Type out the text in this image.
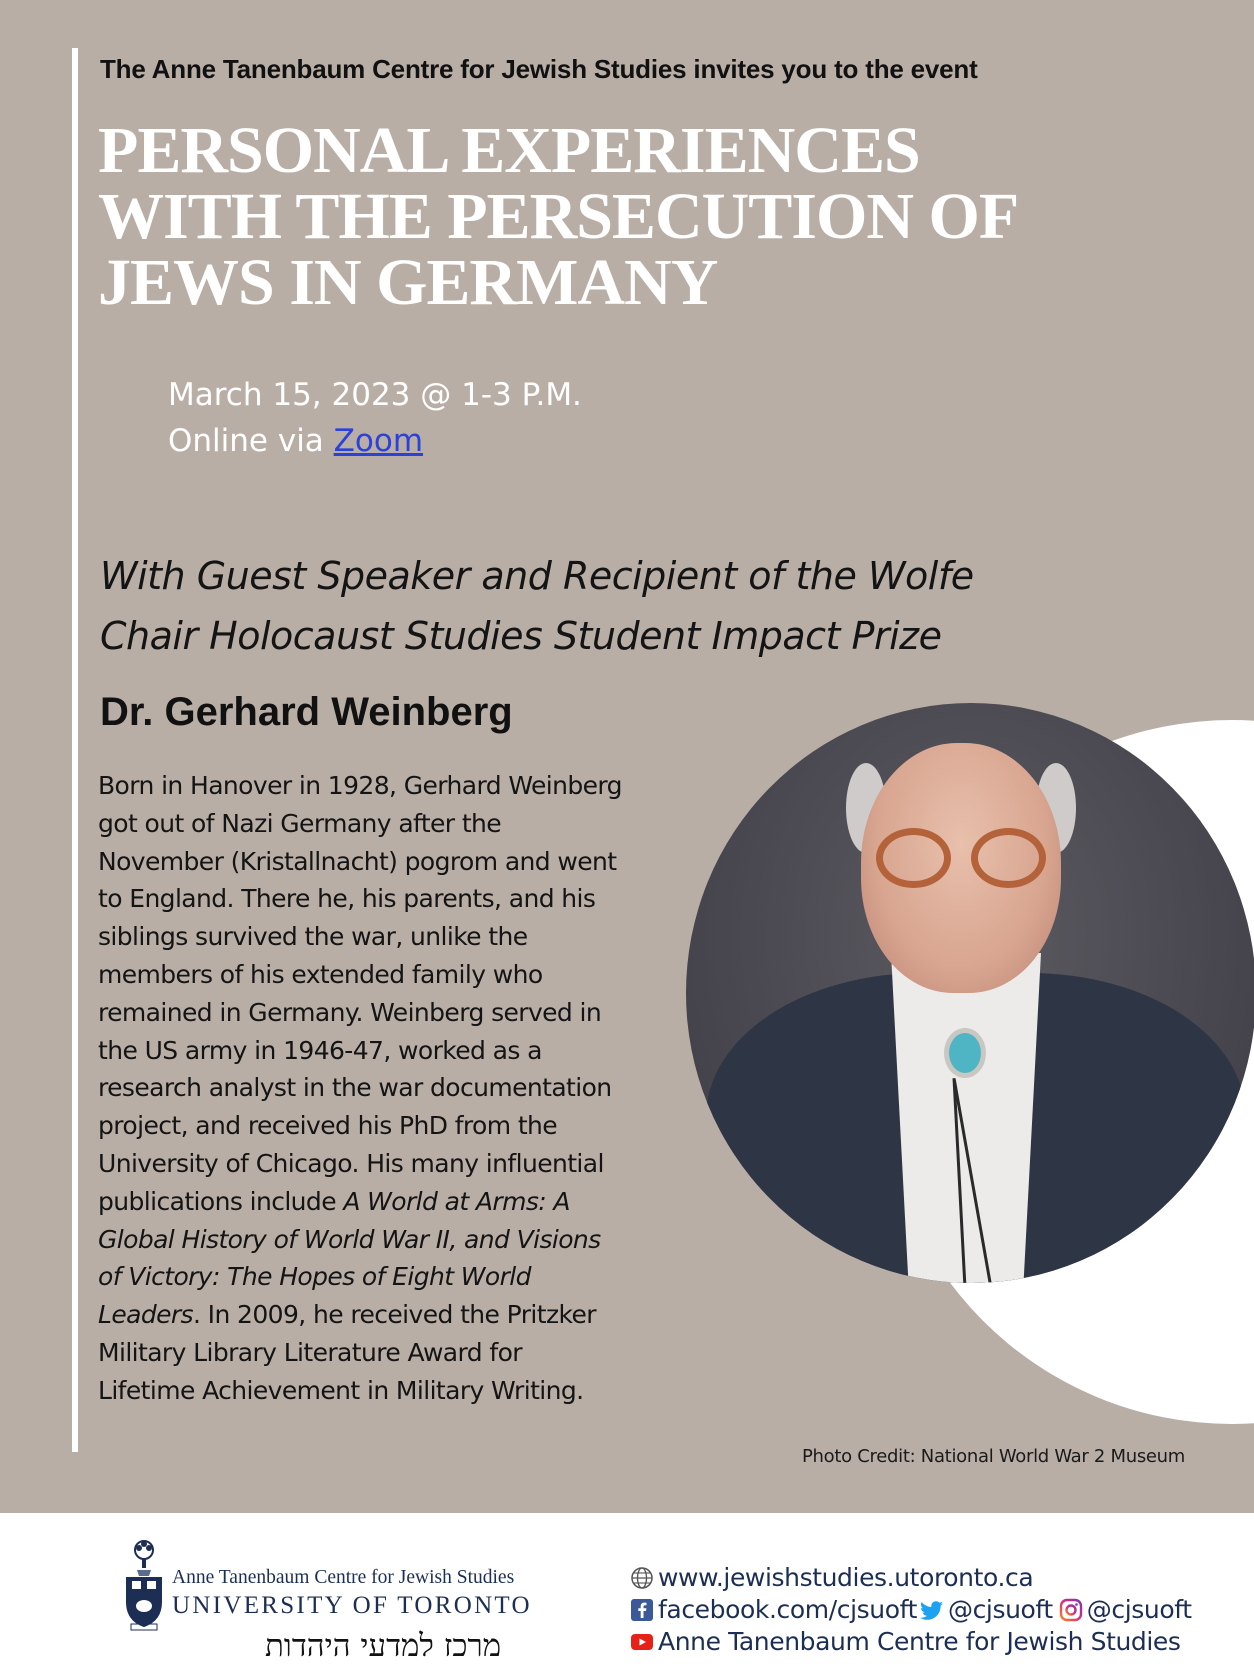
The Anne Tanenbaum Centre for Jewish Studies invites you to the event
PERSONAL EXPERIENCES
WITH THE PERSECUTION OF
JEWS IN GERMANY
March 15, 2023 @ 1-3 P.M.
Online via Zoom
With Guest Speaker and Recipient of the Wolfe
Chair Holocaust Studies Student Impact Prize
Dr. Gerhard Weinberg
Born in Hanover in 1928, Gerhard Weinberg
got out of Nazi Germany after the
November (Kristallnacht) pogrom and went
to England. There he, his parents, and his
siblings survived the war, unlike the
members of his extended family who
remained in Germany. Weinberg served in
the US army in 1946-47, worked as a
research analyst in the war documentation
project, and received his PhD from the
University of Chicago. His many influential
publications include A World at Arms: A
Global History of World War II, and Visions
of Victory: The Hopes of Eight World
Leaders. In 2009, he received the Pritzker
Military Library Literature Award for
Lifetime Achievement in Military Writing.
Photo Credit: National World War 2 Museum
Anne Tanenbaum Centre for Jewish Studies
UNIVERSITY OF TORONTO
מרכז למדעי היהדות
www.jewishstudies.utoronto.ca
facebook.com/cjsuoft @cjsuoft @cjsuoft
Anne Tanenbaum Centre for Jewish Studies
